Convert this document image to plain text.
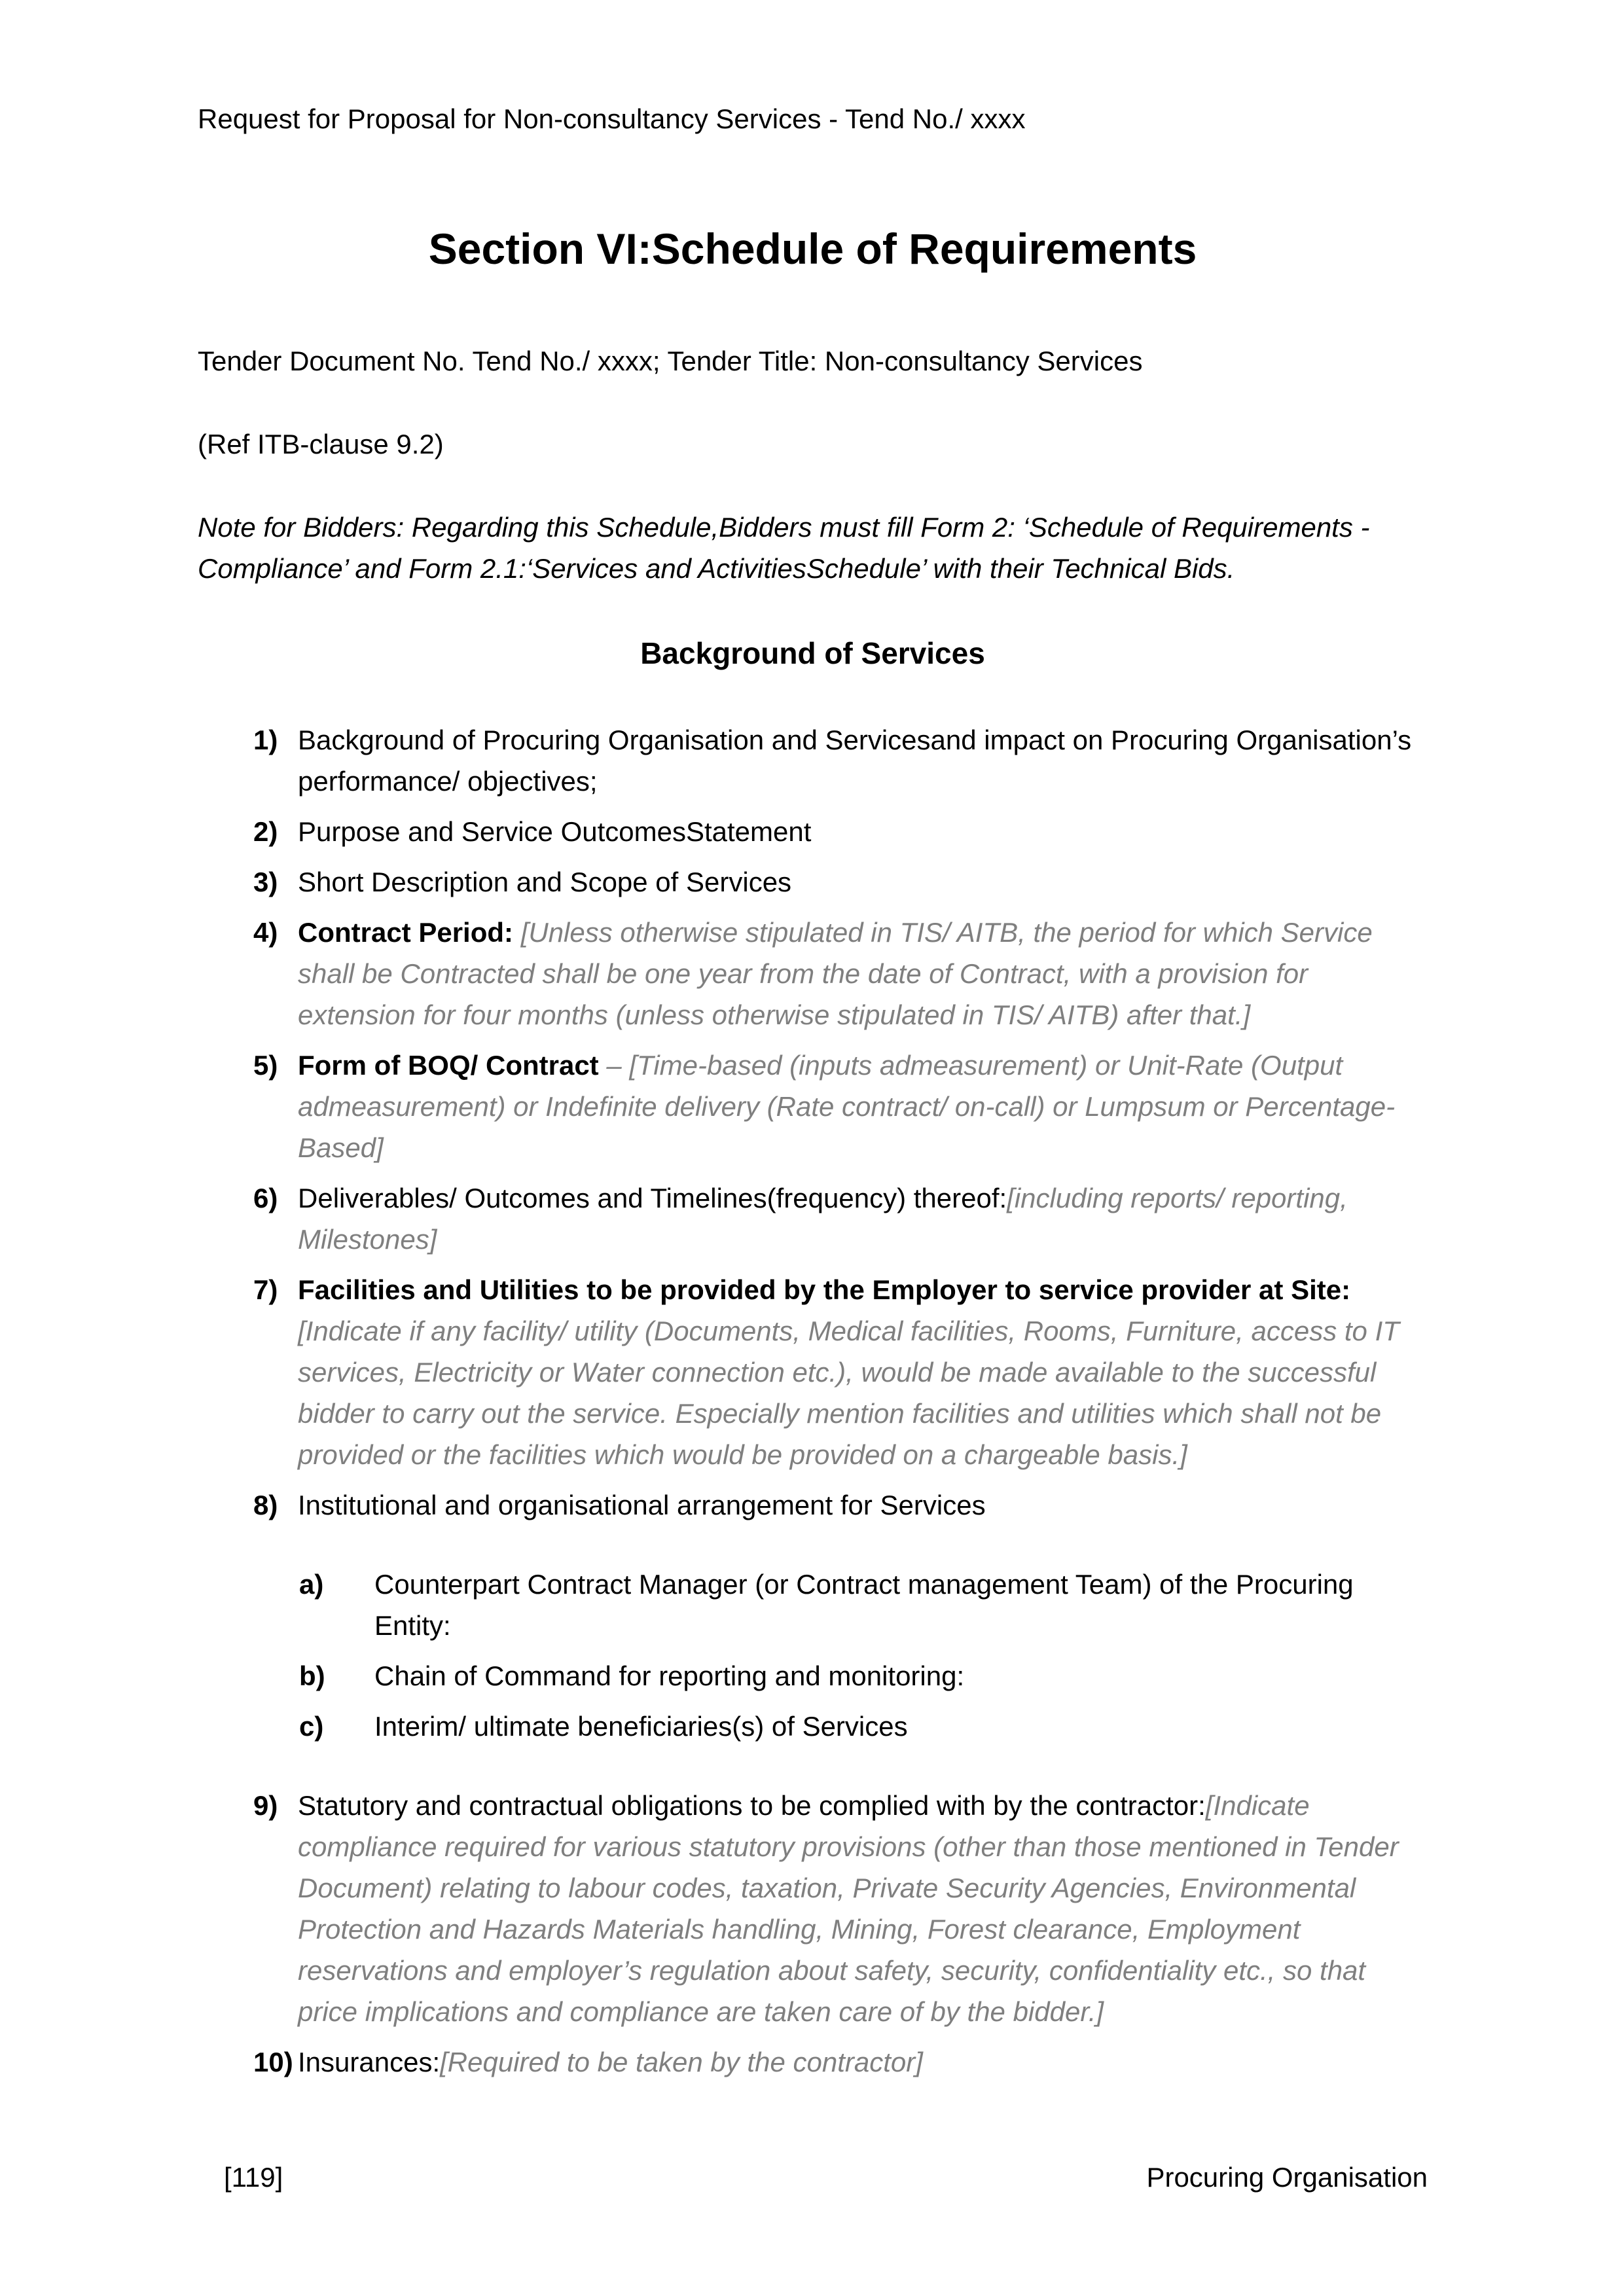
Request for Proposal for Non-consultancy Services - Tend No./ xxxx
Section VI:Schedule of Requirements

Tender Document No. Tend No./ xxxx; Tender Title: Non-consultancy Services

(Ref ITB-clause 9.2)

Note for Bidders: Regarding this Schedule,Bidders must fill Form 2: ‘Schedule of Requirements - Compliance’ and Form 2.1:‘Services and ActivitiesSchedule’ with their Technical Bids.

Background of Services
1) Background of Procuring Organisation and Servicesand impact on Procuring Organisation’s performance/ objectives;
2) Purpose and Service OutcomesStatement
3) Short Description and Scope of Services
4) Contract Period: [Unless otherwise stipulated in TIS/ AITB, the period for which Service shall be Contracted shall be one year from the date of Contract, with a provision for extension for four months (unless otherwise stipulated in TIS/ AITB) after that.]
5) Form of BOQ/ Contract – [Time-based (inputs admeasurement) or Unit-Rate (Output admeasurement) or Indefinite delivery (Rate contract/ on-call) or Lumpsum or Percentage-Based]
6) Deliverables/ Outcomes and Timelines(frequency) thereof:[including reports/ reporting, Milestones]
7) Facilities and Utilities to be provided by the Employer to service provider at Site: [Indicate if any facility/ utility (Documents, Medical facilities, Rooms, Furniture, access to IT services, Electricity or Water connection etc.), would be made available to the successful bidder to carry out the service. Especially mention facilities and utilities which shall not be provided or the facilities which would be provided on a chargeable basis.]
8) Institutional and organisational arrangement for Services
a)	Counterpart Contract Manager (or Contract management Team) of the Procuring Entity:
b)	Chain of Command for reporting and monitoring:
c)	Interim/ ultimate beneficiaries(s) of Services
9) Statutory and contractual obligations to be complied with by the contractor:[Indicate compliance required for various statutory provisions (other than those mentioned in Tender Document) relating to labour codes, taxation, Private Security Agencies, Environmental Protection and Hazards Materials handling, Mining, Forest clearance, Employment reservations and employer’s regulation about safety, security, confidentiality etc., so that price implications and compliance are taken care of by the bidder.]
10) Insurances:[Required to be taken by the contractor]
[119]	Procuring Organisation
